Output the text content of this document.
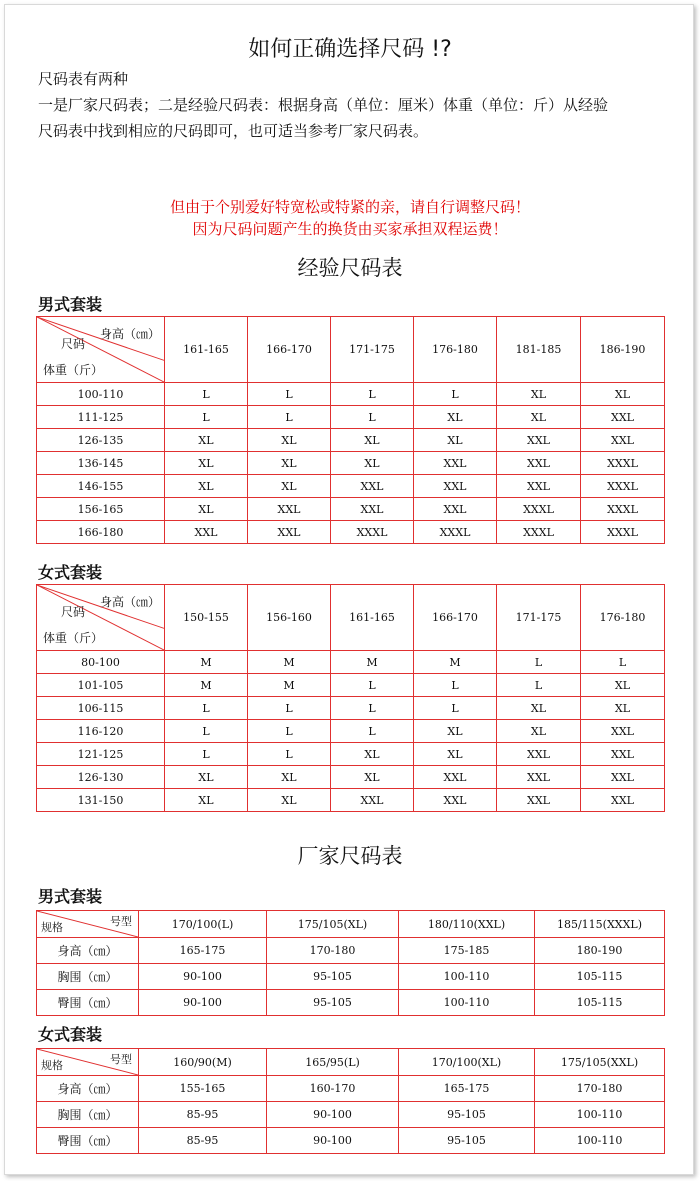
如何正确选择尺码 !?
尺码表有两种
一是厂家尺码表；二是经验尺码表：根据身高（单位：厘米）体重（单位：斤）从经验
尺码表中找到相应的尺码即可，也可适当参考厂家尺码表。
但由于个别爱好特宽松或特紧的亲，请自行调整尺码！
因为尺码问题产生的换货由买家承担双程运费！
经验尺码表
男式套装
身高（㎝）
尺码
体重（斤）	161-165	166-170	171-175	176-180	181-185	186-190
100-110	L	L	L	L	XL	XL
111-125	L	L	L	XL	XL	XXL
126-135	XL	XL	XL	XL	XXL	XXL
136-145	XL	XL	XL	XXL	XXL	XXXL
146-155	XL	XL	XXL	XXL	XXL	XXXL
156-165	XL	XXL	XXL	XXL	XXXL	XXXL
166-180	XXL	XXL	XXXL	XXXL	XXXL	XXXL
女式套装
身高（㎝）
尺码
体重（斤）	150-155	156-160	161-165	166-170	171-175	176-180
80-100	M	M	M	M	L	L
101-105	M	M	L	L	L	XL
106-115	L	L	L	L	XL	XL
116-120	L	L	L	XL	XL	XXL
121-125	L	L	XL	XL	XXL	XXL
126-130	XL	XL	XL	XXL	XXL	XXL
131-150	XL	XL	XXL	XXL	XXL	XXL
厂家尺码表
男式套装
号型
规格	170/100(L)	175/105(XL)	180/110(XXL)	185/115(XXXL)
身高（㎝）	165-175	170-180	175-185	180-190
胸围（㎝）	90-100	95-105	100-110	105-115
臀围（㎝）	90-100	95-105	100-110	105-115
女式套装
号型
规格	160/90(M)	165/95(L)	170/100(XL)	175/105(XXL)
身高（㎝）	155-165	160-170	165-175	170-180
胸围（㎝）	85-95	90-100	95-105	100-110
臀围（㎝）	85-95	90-100	95-105	100-110
